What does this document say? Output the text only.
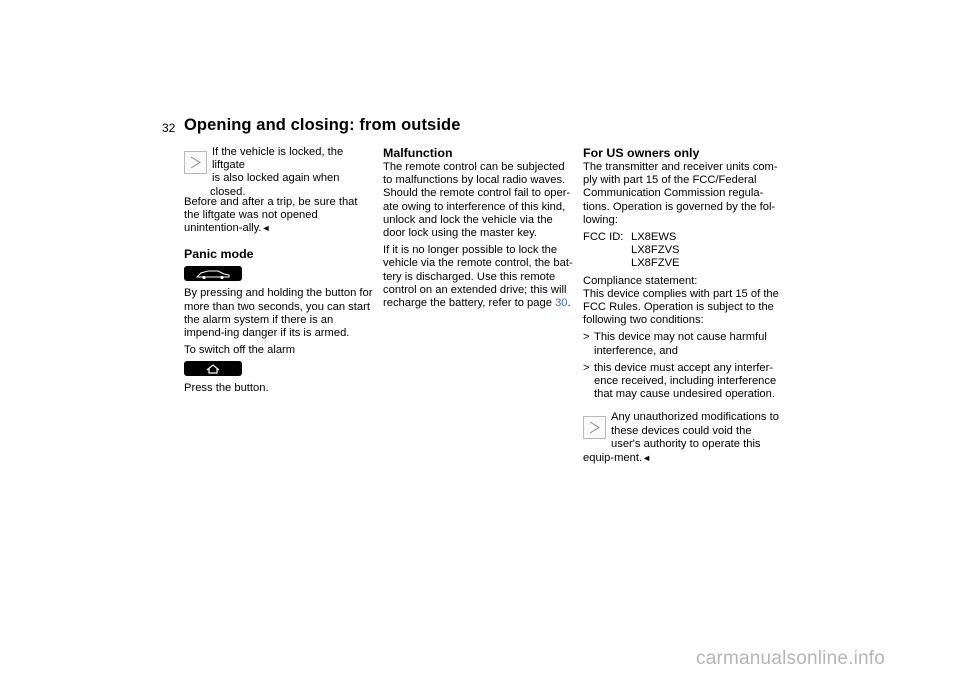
32 Opening and closing: from outside
If the vehicle is locked, the liftgate
is also locked again when closed.

Before and after a trip, be sure that the liftgate was not opened unintention-ally.◄

Panic mode

By pressing and holding the button for more than two seconds, you can start the alarm system if there is an impend-ing danger if its is armed.

To switch off the alarm

Press the button.

Malfunction

The remote control can be subjected to malfunctions by local radio waves. Should the remote control fail to oper-ate owing to interference of this kind, unlock and lock the vehicle via the door lock using the master key.

If it is no longer possible to lock the vehicle via the remote control, the bat-tery is discharged. Use this remote control on an extended drive; this will recharge the battery, refer to page 30.

For US owners only

The transmitter and receiver units com-ply with part 15 of the FCC/Federal Communication Commission regula-tions. Operation is governed by the fol-lowing:

FCC ID: LX8EWS
LX8FZVS
LX8FZVE
Compliance statement:

This device complies with part 15 of the FCC Rules. Operation is subject to the following two conditions:

> This device may not cause harmful interference, and
> this device must accept any interfer-ence received, including interference that may cause undesired operation.
Any unauthorized modifications to
these devices could void the

user's authority to operate this equip-ment.◄

carmanualsonline.info
